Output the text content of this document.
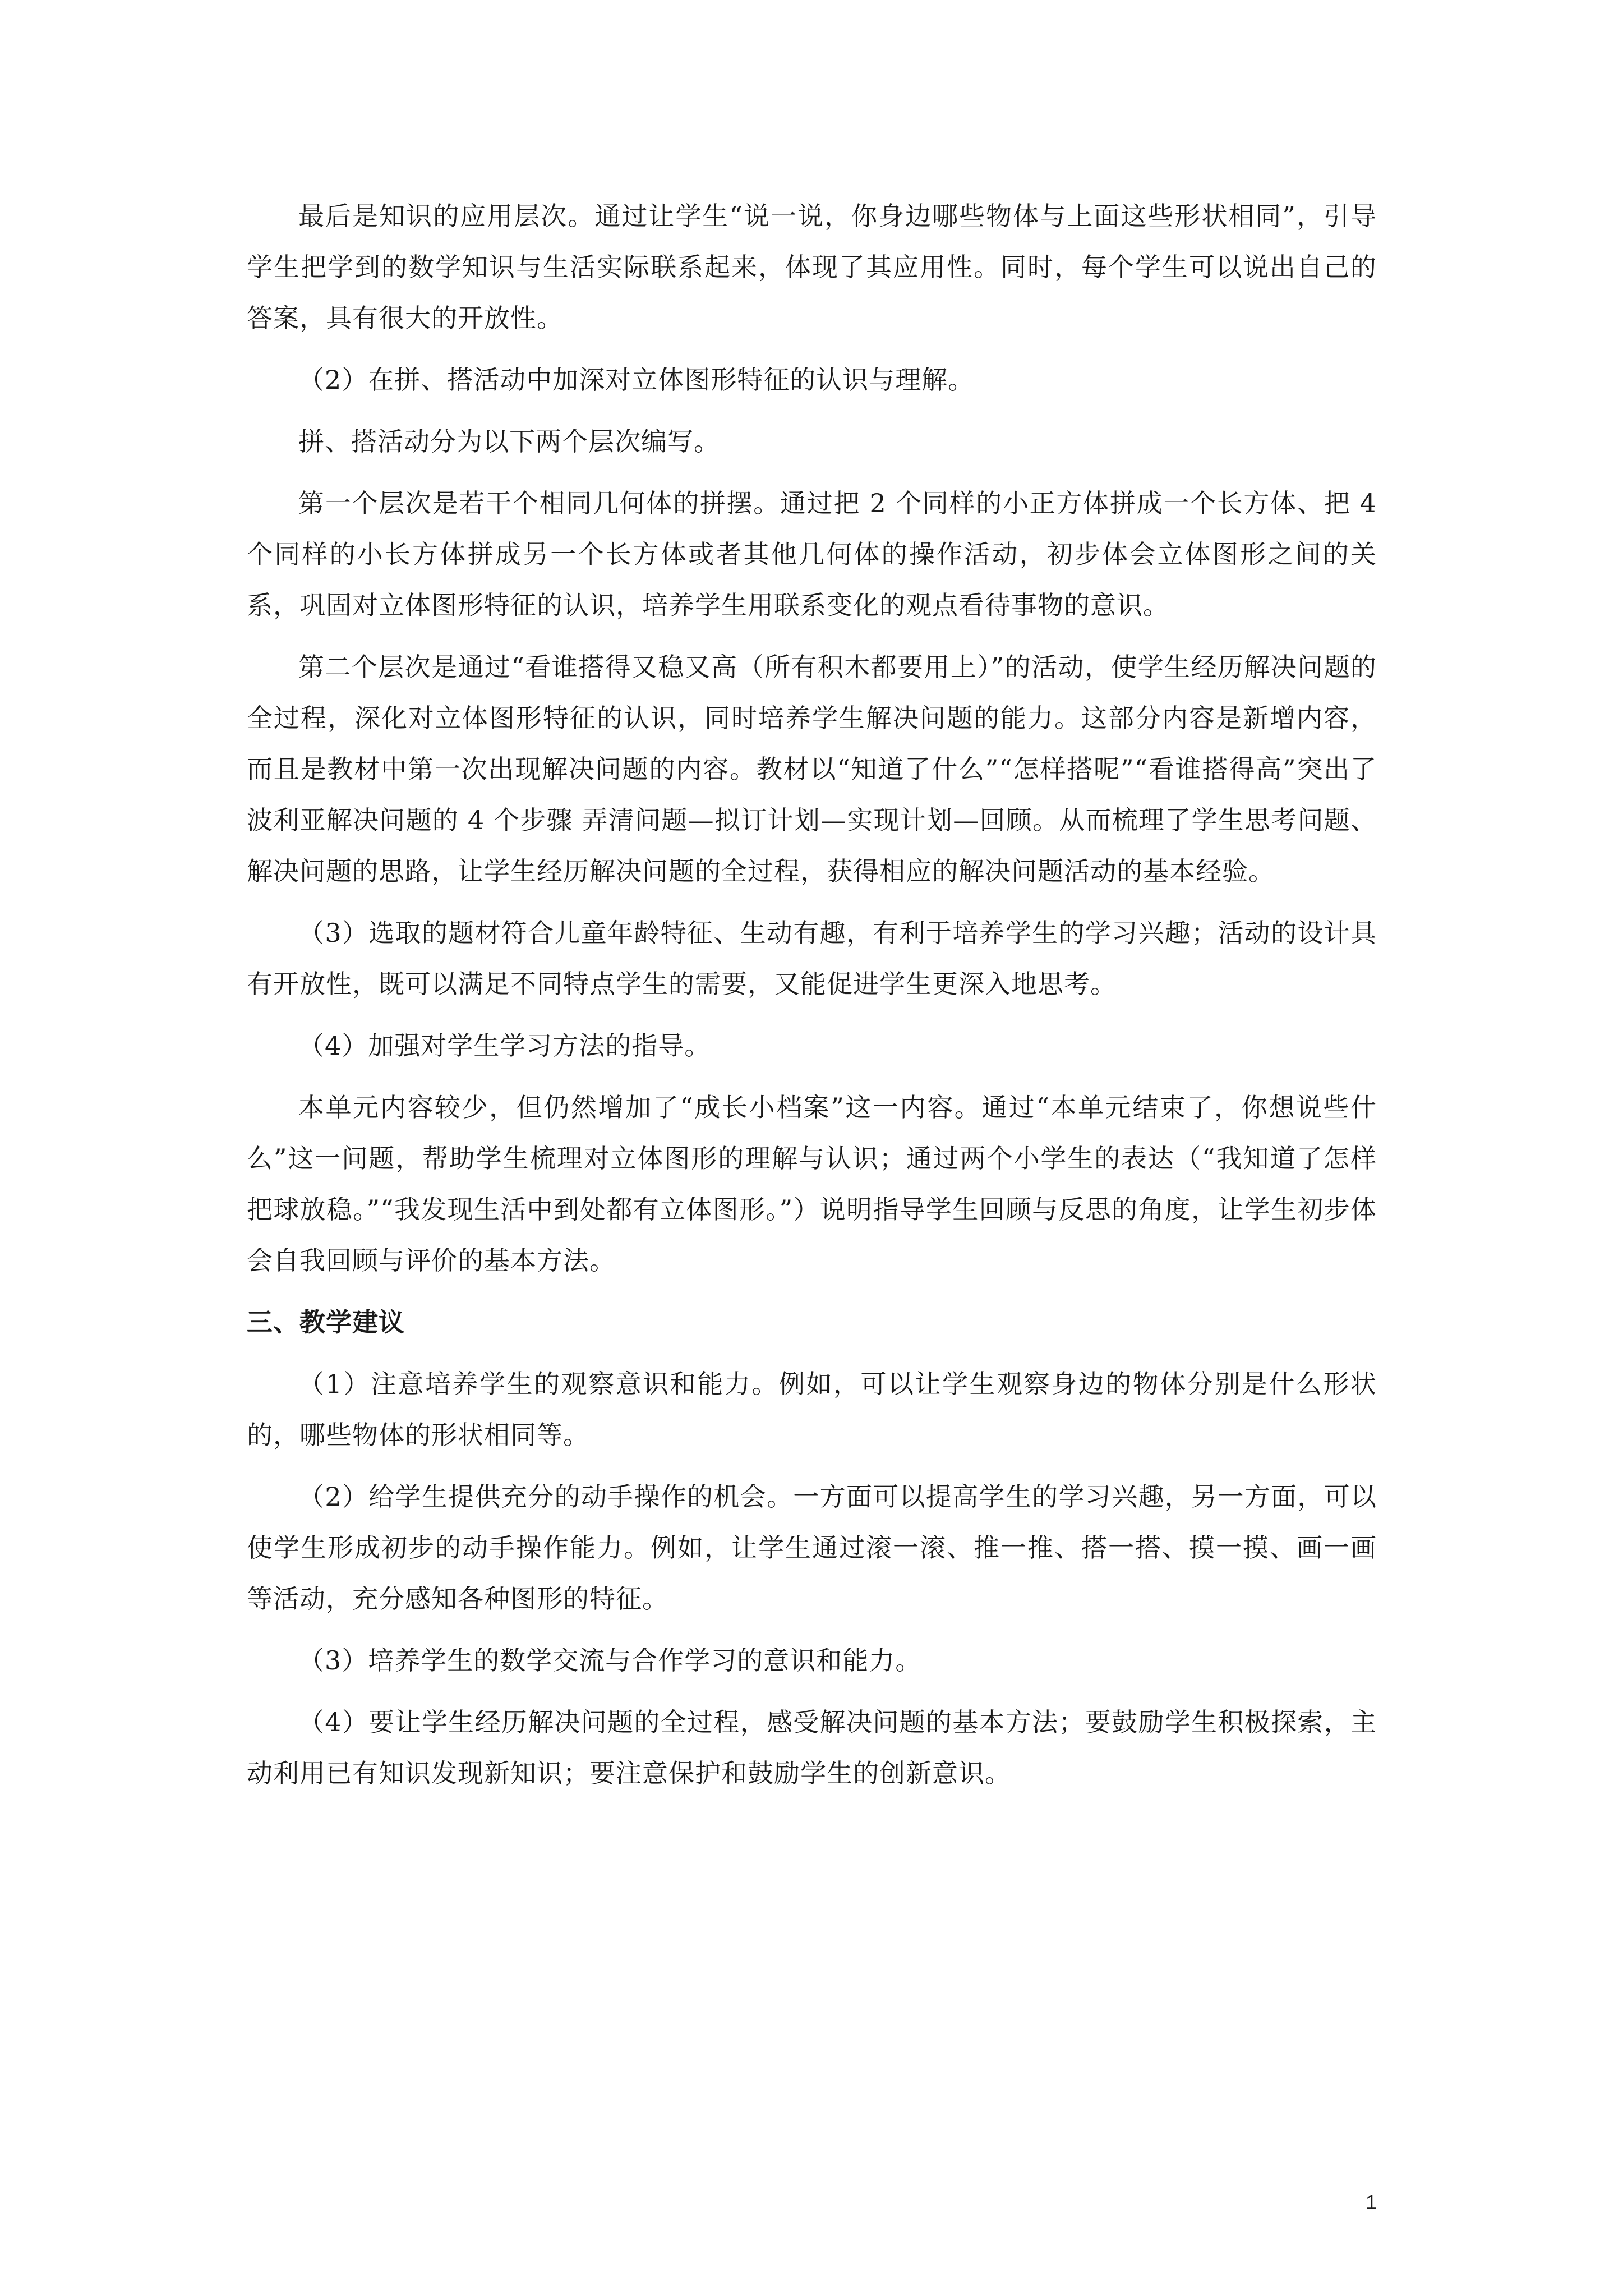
最后是知识的应用层次。通过让学生“说一说，你身边哪些物体与上面这些形状相同”，引导学生把学到的数学知识与生活实际联系起来，体现了其应用性。同时，每个学生可以说出自己的答案，具有很大的开放性。

（2）在拼、搭活动中加深对立体图形特征的认识与理解。

拼、搭活动分为以下两个层次编写。

第一个层次是若干个相同几何体的拼摆。通过把 2 个同样的小正方体拼成一个长方体、把 4 个同样的小长方体拼成另一个长方体或者其他几何体的操作活动，初步体会立体图形之间的关系，巩固对立体图形特征的认识，培养学生用联系变化的观点看待事物的意识。

第二个层次是通过“看谁搭得又稳又高（所有积木都要用上）”的活动，使学生经历解决问题的全过程，深化对立体图形特征的认识，同时培养学生解决问题的能力。这部分内容是新增内容，而且是教材中第一次出现解决问题的内容。教材以“知道了什么”“怎样搭呢”“看谁搭得高”突出了波利亚解决问题的 4 个步骤 弄清问题—拟订计划—实现计划—回顾。从而梳理了学生思考问题、解决问题的思路，让学生经历解决问题的全过程，获得相应的解决问题活动的基本经验。

（3）选取的题材符合儿童年龄特征、生动有趣，有利于培养学生的学习兴趣；活动的设计具有开放性，既可以满足不同特点学生的需要，又能促进学生更深入地思考。

（4）加强对学生学习方法的指导。

本单元内容较少，但仍然增加了“成长小档案”这一内容。通过“本单元结束了，你想说些什么”这一问题，帮助学生梳理对立体图形的理解与认识；通过两个小学生的表达（“我知道了怎样把球放稳。”“我发现生活中到处都有立体图形。”）说明指导学生回顾与反思的角度，让学生初步体会自我回顾与评价的基本方法。

三、教学建议

（1）注意培养学生的观察意识和能力。例如，可以让学生观察身边的物体分别是什么形状的，哪些物体的形状相同等。

（2）给学生提供充分的动手操作的机会。一方面可以提高学生的学习兴趣，另一方面，可以使学生形成初步的动手操作能力。例如，让学生通过滚一滚、推一推、搭一搭、摸一摸、画一画等活动，充分感知各种图形的特征。

（3）培养学生的数学交流与合作学习的意识和能力。

（4）要让学生经历解决问题的全过程，感受解决问题的基本方法；要鼓励学生积极探索，主动利用已有知识发现新知识；要注意保护和鼓励学生的创新意识。

1
